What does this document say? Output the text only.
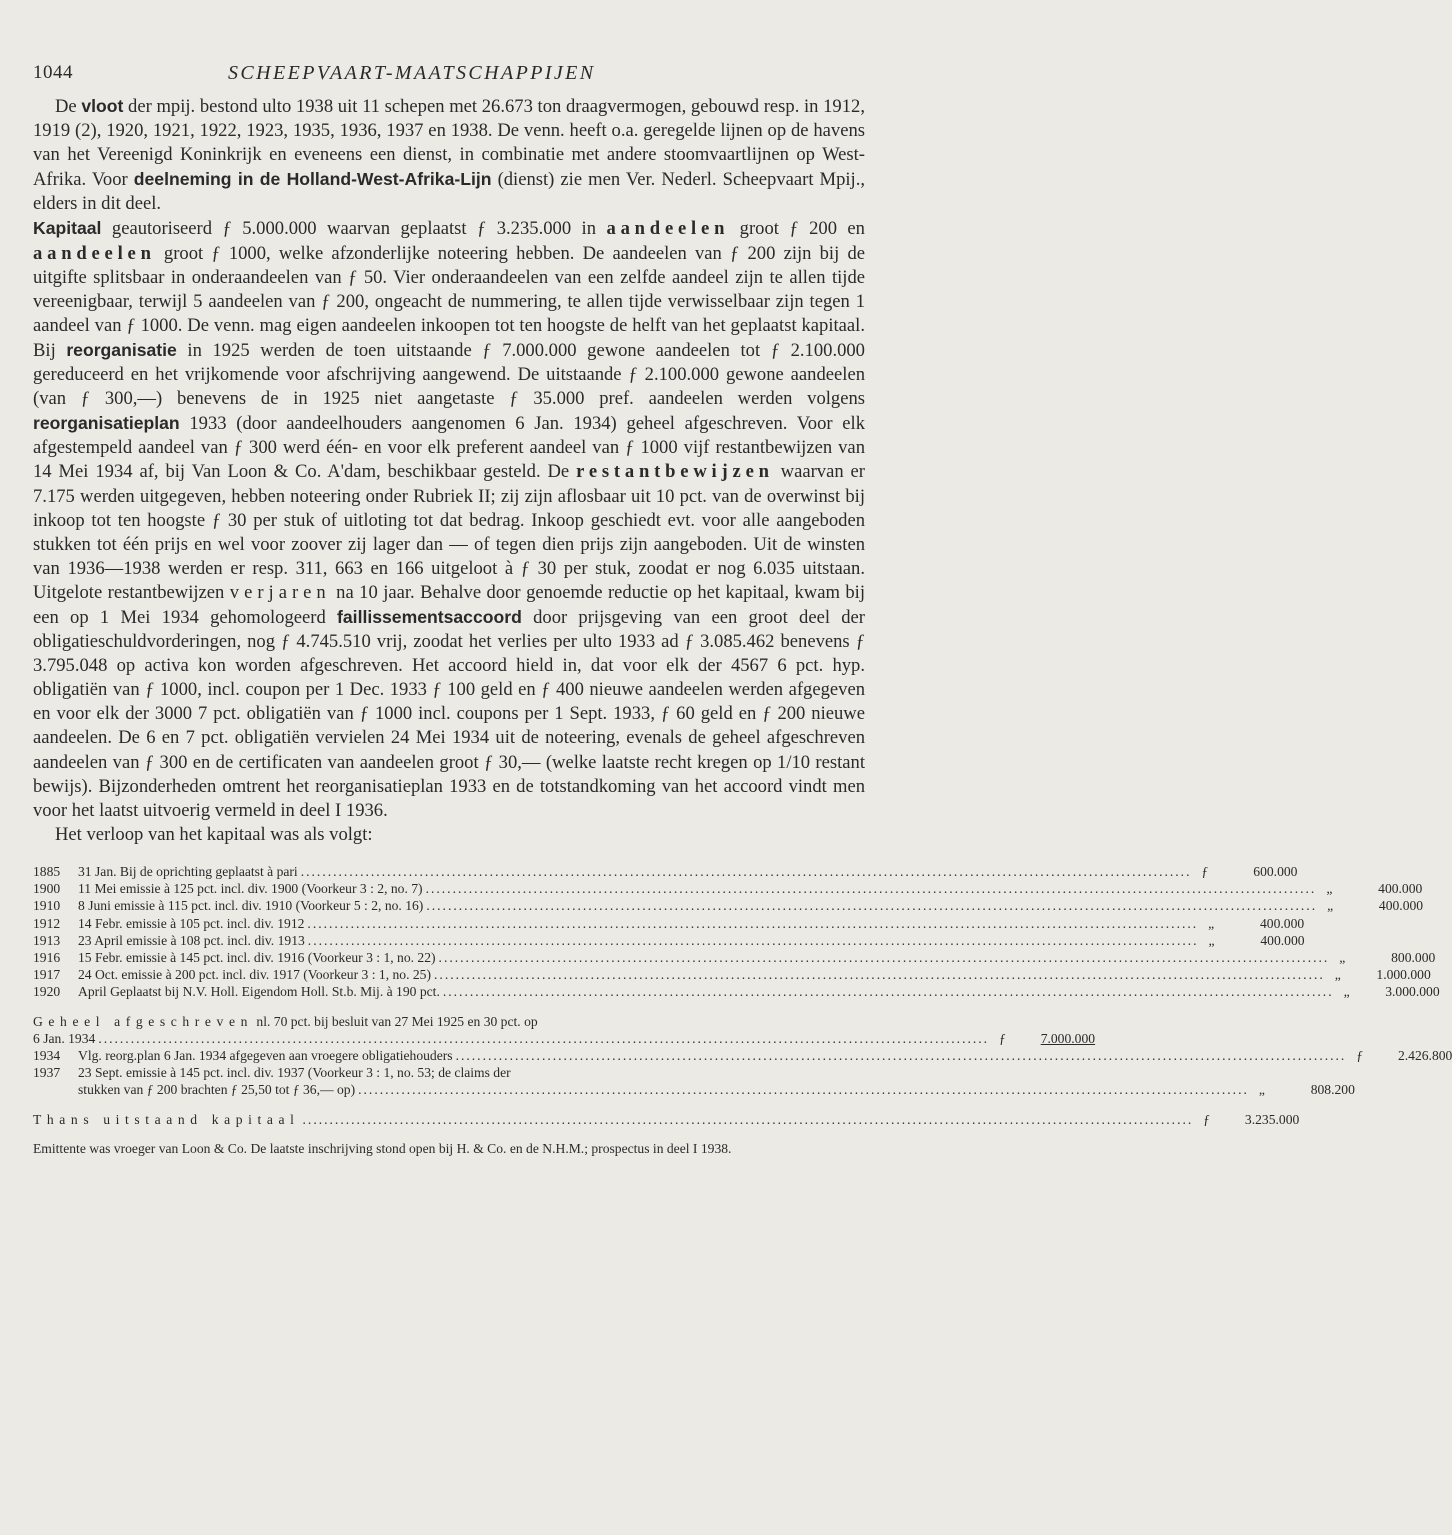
1044	SCHEEPVAART-MAATSCHAPPIJEN

De vloot der mpij. bestond ulto 1938 uit 11 schepen met 26.673 ton draagvermogen, gebouwd resp. in 1912, 1919 (2), 1920, 1921, 1922, 1923, 1935, 1936, 1937 en 1938. De venn. heeft o.a. geregelde lijnen op de havens van het Vereenigd Koninkrijk en eveneens een dienst, in combinatie met andere stoomvaartlijnen op West-Afrika. Voor deelneming in de Holland-West-Afrika-Lijn (dienst) zie men Ver. Nederl. Scheepvaart Mpij., elders in dit deel.

Kapitaal geautoriseerd ƒ 5.000.000 waarvan geplaatst ƒ 3.235.000 in aandeelen groot ƒ 200 en aandeelen groot ƒ 1000, welke afzonderlijke noteering hebben. De aandeelen van ƒ 200 zijn bij de uitgifte splitsbaar in onderaandeelen van ƒ 50. Vier onderaandeelen van een zelfde aandeel zijn te allen tijde vereenigbaar, terwijl 5 aandeelen van ƒ 200, ongeacht de nummering, te allen tijde verwisselbaar zijn tegen 1 aandeel van ƒ 1000. De venn. mag eigen aandeelen inkoopen tot ten hoogste de helft van het geplaatst kapitaal. Bij reorganisatie in 1925 werden de toen uitstaande ƒ 7.000.000 gewone aandeelen tot ƒ 2.100.000 gereduceerd en het vrijkomende voor afschrijving aangewend. De uitstaande ƒ 2.100.000 gewone aandeelen (van ƒ 300,—) benevens de in 1925 niet aangetaste ƒ 35.000 pref. aandeelen werden volgens reorganisatieplan 1933 (door aandeelhouders aangenomen 6 Jan. 1934) geheel afgeschreven. Voor elk afgestempeld aandeel van ƒ 300 werd één- en voor elk preferent aandeel van ƒ 1000 vijf restantbewijzen van 14 Mei 1934 af, bij Van Loon & Co. A'dam, beschikbaar gesteld. De restantbewijzen waarvan er 7.175 werden uitgegeven, hebben noteering onder Rubriek II; zij zijn aflosbaar uit 10 pct. van de overwinst bij inkoop tot ten hoogste ƒ 30 per stuk of uitloting tot dat bedrag. Inkoop geschiedt evt. voor alle aangeboden stukken tot één prijs en wel voor zoover zij lager dan — of tegen dien prijs zijn aangeboden. Uit de winsten van 1936—1938 werden er resp. 311, 663 en 166 uitgeloot à ƒ 30 per stuk, zoodat er nog 6.035 uitstaan. Uitgelote restantbewijzen verjaren na 10 jaar. Behalve door genoemde reductie op het kapitaal, kwam bij een op 1 Mei 1934 gehomologeerd faillissementsaccoord door prijsgeving van een groot deel der obligatieschuldvorderingen, nog ƒ 4.745.510 vrij, zoodat het verlies per ulto 1933 ad ƒ 3.085.462 benevens ƒ 3.795.048 op activa kon worden afgeschreven. Het accoord hield in, dat voor elk der 4567 6 pct. hyp. obligatiën van ƒ 1000, incl. coupon per 1 Dec. 1933 ƒ 100 geld en ƒ 400 nieuwe aandeelen werden afgegeven en voor elk der 3000 7 pct. obligatiën van ƒ 1000 incl. coupons per 1 Sept. 1933, ƒ 60 geld en ƒ 200 nieuwe aandeelen. De 6 en 7 pct. obligatiën vervielen 24 Mei 1934 uit de noteering, evenals de geheel afgeschreven aandeelen van ƒ 300 en de certificaten van aandeelen groot ƒ 30,— (welke laatste recht kregen op 1/10 restant bewijs). Bijzonderheden omtrent het reorganisatieplan 1933 en de totstandkoming van het accoord vindt men voor het laatst uitvoerig vermeld in deel I 1936.

Het verloop van het kapitaal was als volgt:

1885	31 Jan. Bij de oprichting geplaatst à pari ..................................................................................................................................................................... ƒ	600.000
1900	11 Mei emissie à 125 pct. incl. div. 1900 (Voorkeur 3 : 2, no. 7) ..................................................................................................................................................................... „	400.000
1910	8 Juni emissie à 115 pct. incl. div. 1910 (Voorkeur 5 : 2, no. 16) ..................................................................................................................................................................... „	400.000
1912	14 Febr. emissie à 105 pct. incl. div. 1912 ..................................................................................................................................................................... „	400.000
1913	23 April emissie à 108 pct. incl. div. 1913 ..................................................................................................................................................................... „	400.000
1916	15 Febr. emissie à 145 pct. incl. div. 1916 (Voorkeur 3 : 1, no. 22) ..................................................................................................................................................................... „	800.000
1917	24 Oct. emissie à 200 pct. incl. div. 1917 (Voorkeur 3 : 1, no. 25) ..................................................................................................................................................................... „	1.000.000
1920	April Geplaatst bij N.V. Holl. Eigendom Holl. St.b. Mij. à 190 pct. ..................................................................................................................................................................... „	3.000.000
Geheel afgeschreven nl. 70 pct. bij besluit van 27 Mei 1925 en 30 pct. op
6 Jan. 1934 ..................................................................................................................................................................... ƒ	7.000.000
1934	Vlg. reorg.plan 6 Jan. 1934 afgegeven aan vroegere obligatiehouders ..................................................................................................................................................................... ƒ	2.426.800
1937	23 Sept. emissie à 145 pct. incl. div. 1937 (Voorkeur 3 : 1, no. 53; de claims der
stukken van ƒ 200 brachten ƒ 25,50 tot ƒ 36,— op) ..................................................................................................................................................................... „	808.200
Thans uitstaand kapitaal ..................................................................................................................................................................... ƒ	3.235.000
Emittente was vroeger van Loon & Co. De laatste inschrijving stond open bij H. & Co. en de N.H.M.; prospectus in deel I 1938.
